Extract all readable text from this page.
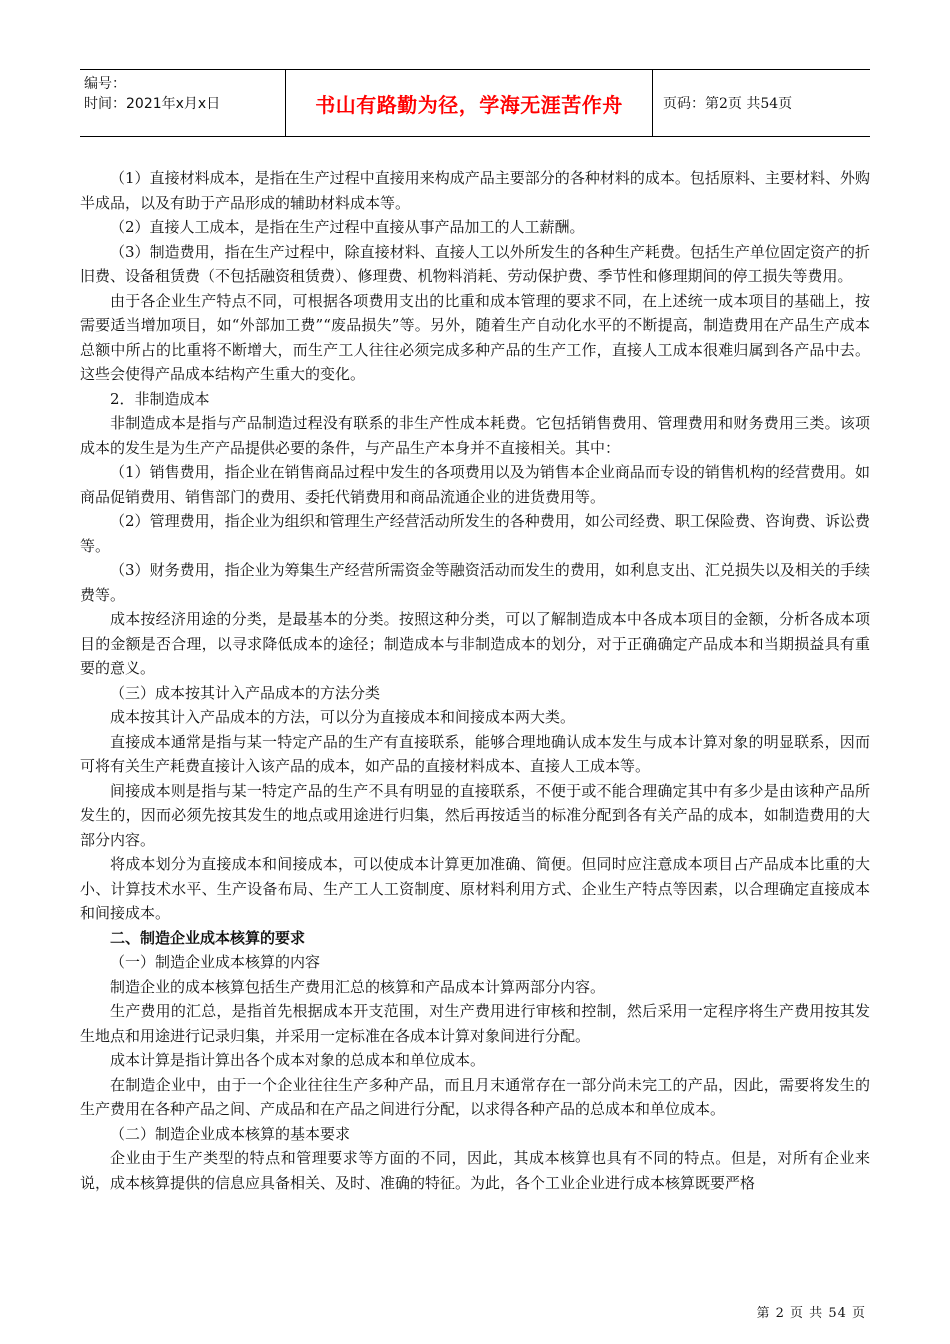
编号：
时间：2021年x月x日	书山有路勤为径，学海无涯苦作舟	页码：第2页 共54页

（1）直接材料成本，是指在生产过程中直接用来构成产品主要部分的各种材料的成本。包括原料、主要材料、外购半成品，以及有助于产品形成的辅助材料成本等。

（2）直接人工成本，是指在生产过程中直接从事产品加工的人工薪酬。

（3）制造费用，指在生产过程中，除直接材料、直接人工以外所发生的各种生产耗费。包括生产单位固定资产的折旧费、设备租赁费（不包括融资租赁费）、修理费、机物料消耗、劳动保护费、季节性和修理期间的停工损失等费用。

由于各企业生产特点不同，可根据各项费用支出的比重和成本管理的要求不同，在上述统一成本项目的基础上，按需要适当增加项目，如“外部加工费”“废品损失”等。另外，随着生产自动化水平的不断提高，制造费用在产品生产成本总额中所占的比重将不断增大，而生产工人往往必须完成多种产品的生产工作，直接人工成本很难归属到各产品中去。这些会使得产品成本结构产生重大的变化。

2．非制造成本

非制造成本是指与产品制造过程没有联系的非生产性成本耗费。它包括销售费用、管理费用和财务费用三类。该项成本的发生是为生产产品提供必要的条件，与产品生产本身并不直接相关。其中：

（1）销售费用，指企业在销售商品过程中发生的各项费用以及为销售本企业商品而专设的销售机构的经营费用。如商品促销费用、销售部门的费用、委托代销费用和商品流通企业的进货费用等。

（2）管理费用，指企业为组织和管理生产经营活动所发生的各种费用，如公司经费、职工保险费、咨询费、诉讼费等。

（3）财务费用，指企业为筹集生产经营所需资金等融资活动而发生的费用，如利息支出、汇兑损失以及相关的手续费等。

成本按经济用途的分类，是最基本的分类。按照这种分类，可以了解制造成本中各成本项目的金额，分析各成本项目的金额是否合理，以寻求降低成本的途径；制造成本与非制造成本的划分，对于正确确定产品成本和当期损益具有重要的意义。

（三）成本按其计入产品成本的方法分类

成本按其计入产品成本的方法，可以分为直接成本和间接成本两大类。

直接成本通常是指与某一特定产品的生产有直接联系，能够合理地确认成本发生与成本计算对象的明显联系，因而可将有关生产耗费直接计入该产品的成本，如产品的直接材料成本、直接人工成本等。

间接成本则是指与某一特定产品的生产不具有明显的直接联系，不便于或不能合理确定其中有多少是由该种产品所发生的，因而必须先按其发生的地点或用途进行归集，然后再按适当的标准分配到各有关产品的成本，如制造费用的大部分内容。

将成本划分为直接成本和间接成本，可以使成本计算更加准确、简便。但同时应注意成本项目占产品成本比重的大小、计算技术水平、生产设备布局、生产工人工资制度、原材料利用方式、企业生产特点等因素，以合理确定直接成本和间接成本。

二、制造企业成本核算的要求

（一）制造企业成本核算的内容

制造企业的成本核算包括生产费用汇总的核算和产品成本计算两部分内容。

生产费用的汇总，是指首先根据成本开支范围，对生产费用进行审核和控制，然后采用一定程序将生产费用按其发生地点和用途进行记录归集，并采用一定标准在各成本计算对象间进行分配。

成本计算是指计算出各个成本对象的总成本和单位成本。

在制造企业中，由于一个企业往往生产多种产品，而且月末通常存在一部分尚未完工的产品，因此，需要将发生的生产费用在各种产品之间、产成品和在产品之间进行分配，以求得各种产品的总成本和单位成本。

（二）制造企业成本核算的基本要求

企业由于生产类型的特点和管理要求等方面的不同，因此，其成本核算也具有不同的特点。但是，对所有企业来说，成本核算提供的信息应具备相关、及时、准确的特征。为此，各个工业企业进行成本核算既要严格

第 2 页 共 54 页
